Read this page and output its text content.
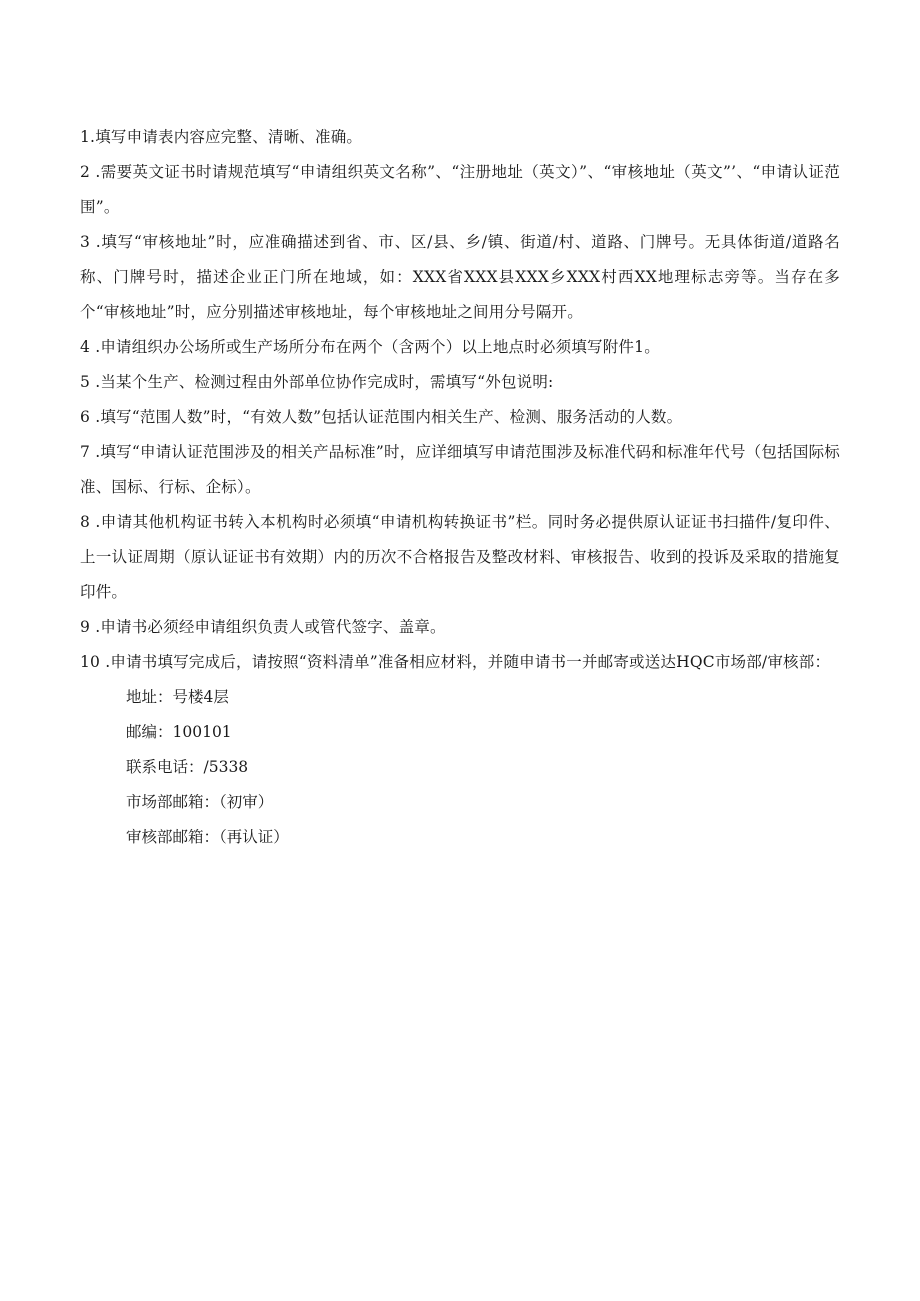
1.填写申请表内容应完整、清晰、准确。

2 .需要英文证书时请规范填写“申请组织英文名称”、“注册地址（英文）”、“审核地址（英文”’、“申请认证范围”。

3 .填写“审核地址”时，应准确描述到省、市、区/县、乡/镇、街道/村、道路、门牌号。无具体街道/道路名称、门牌号时，描述企业正门所在地域，如：XXX省XXX县XXX乡XXX村西XX地理标志旁等。当存在多个“审核地址”时，应分别描述审核地址，每个审核地址之间用分号隔开。

4 .申请组织办公场所或生产场所分布在两个（含两个）以上地点时必须填写附件1。

5 .当某个生产、检测过程由外部单位协作完成时，需填写“外包说明:

6 .填写“范围人数”时，“有效人数”包括认证范围内相关生产、检测、服务活动的人数。

7 .填写“申请认证范围涉及的相关产品标准”时，应详细填写申请范围涉及标准代码和标准年代号（包括国际标准、国标、行标、企标）。

8 .申请其他机构证书转入本机构时必须填“申请机构转换证书”栏。同时务必提供原认证证书扫描件/复印件、上一认证周期（原认证证书有效期）内的历次不合格报告及整改材料、审核报告、收到的投诉及采取的措施复印件。

9 .申请书必须经申请组织负责人或管代签字、盖章。

10 .申请书填写完成后，请按照“资料清单”准备相应材料，并随申请书一并邮寄或送达HQC市场部/审核部：

地址：号楼4层

邮编：100101

联系电话：/5338

市场部邮箱：（初审）

审核部邮箱：（再认证）
